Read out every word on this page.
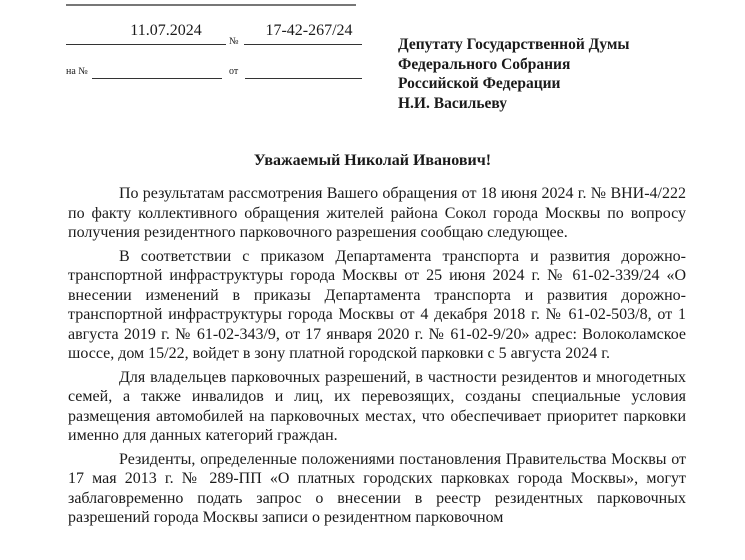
11.07.2024
№
17-42-267/24
на №	от
Депутату Государственной Думы
Федерального Собрания
Российской Федерации
Н.И. Васильеву
Уважаемый Николай Иванович!

По результатам рассмотрения Вашего обращения от 18 июня 2024 г. № ВНИ-4/222 по факту коллективного обращения жителей района Сокол города Москвы по вопросу получения резидентного парковочного разрешения сообщаю следующее.

В соответствии с приказом Департамента транспорта и развития дорожно-транспортной инфраструктуры города Москвы от 25 июня 2024 г. № 61-02-339/24 «О внесении изменений в приказы Департамента транспорта и развития дорожно-транспортной инфраструктуры города Москвы от 4 декабря 2018 г. № 61-02-503/8, от 1 августа 2019 г. № 61-02-343/9, от 17 января 2020 г. № 61-02-9/20» адрес: Волоколамское шоссе, дом 15/22, войдет в зону платной городской парковки с 5 августа 2024 г.

Для владельцев парковочных разрешений, в частности резидентов и многодетных семей, а также инвалидов и лиц, их перевозящих, созданы специальные условия размещения автомобилей на парковочных местах, что обеспечивает приоритет парковки именно для данных категорий граждан.

Резиденты, определенные положениями постановления Правительства Москвы от 17 мая 2013 г. № 289-ПП «О платных городских парковках города Москвы», могут заблаговременно подать запрос о внесении в реестр резидентных парковочных разрешений города Москвы записи о резидентном парковочном
